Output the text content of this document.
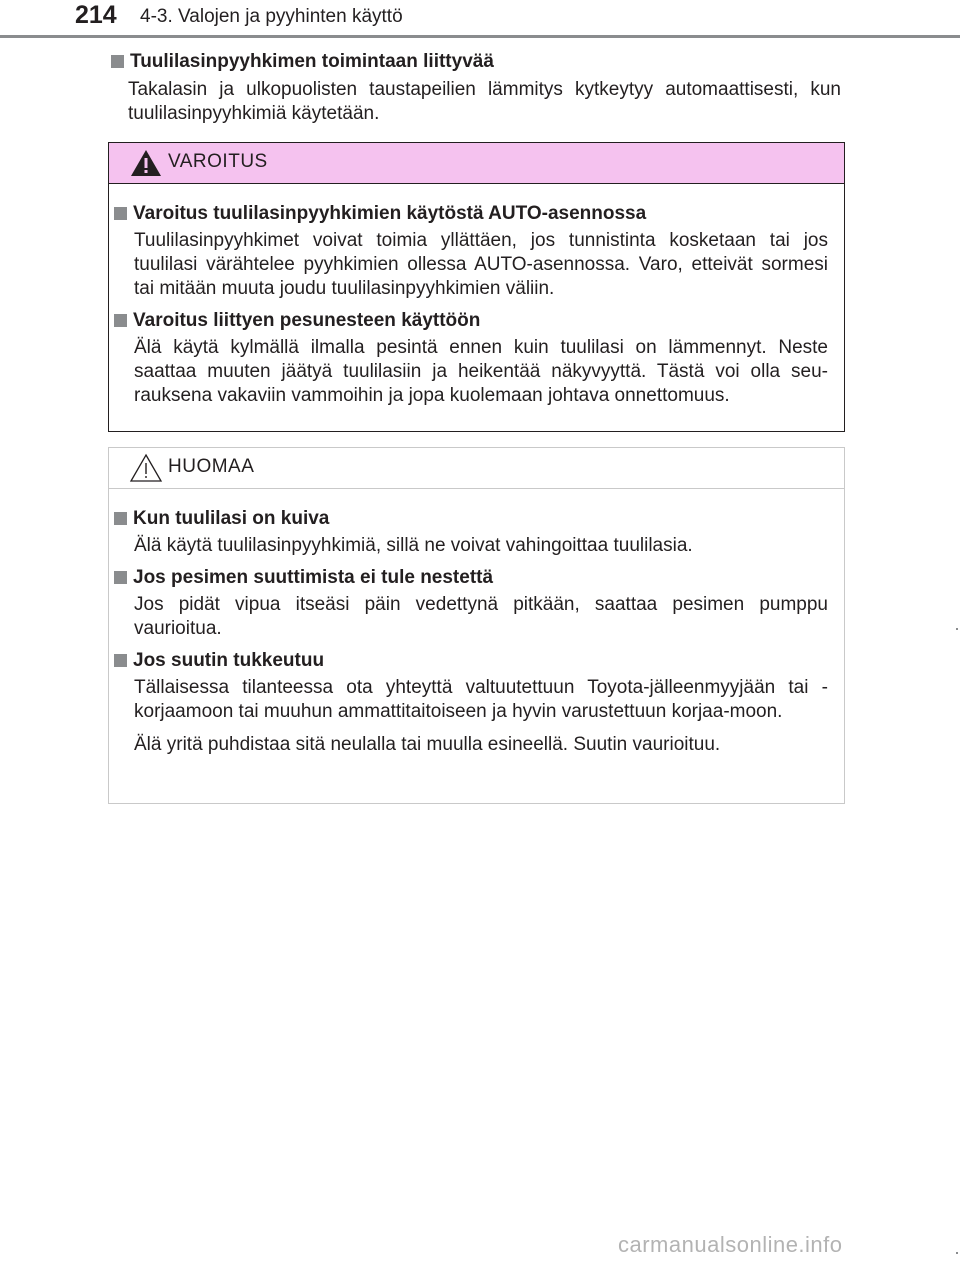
214 4-3. Valojen ja pyyhinten käyttö
Tuulilasinpyyhkimen toimintaan liittyvää
Takalasin ja ulkopuolisten taustapeilien lämmitys kytkeytyy automaattisesti, kun tuulilasinpyyhkimiä käytetään.
VAROITUS
Varoitus tuulilasinpyyhkimien käytöstä AUTO-asennossa
Tuulilasinpyyhkimet voivat toimia yllättäen, jos tunnistinta kosketaan tai jos tuulilasi värähtelee pyyhkimien ollessa AUTO-asennossa. Varo, etteivät sormesi tai mitään muuta joudu tuulilasinpyyhkimien väliin.
Varoitus liittyen pesunesteen käyttöön
Älä käytä kylmällä ilmalla pesintä ennen kuin tuulilasi on lämmennyt. Neste saattaa muuten jäätyä tuulilasiin ja heikentää näkyvyyttä. Tästä voi olla seu-rauksena vakaviin vammoihin ja jopa kuolemaan johtava onnettomuus.
HUOMAA
Kun tuulilasi on kuiva
Älä käytä tuulilasinpyyhkimiä, sillä ne voivat vahingoittaa tuulilasia.
Jos pesimen suuttimista ei tule nestettä
Jos pidät vipua itseäsi päin vedettynä pitkään, saattaa pesimen pumppu vaurioitua.
Jos suutin tukkeutuu
Tällaisessa tilanteessa ota yhteyttä valtuutettuun Toyota-jälleenmyyjään tai -korjaamoon tai muuhun ammattitaitoiseen ja hyvin varustettuun korjaa-moon.
Älä yritä puhdistaa sitä neulalla tai muulla esineellä. Suutin vaurioituu.
carmanualsonline.info
